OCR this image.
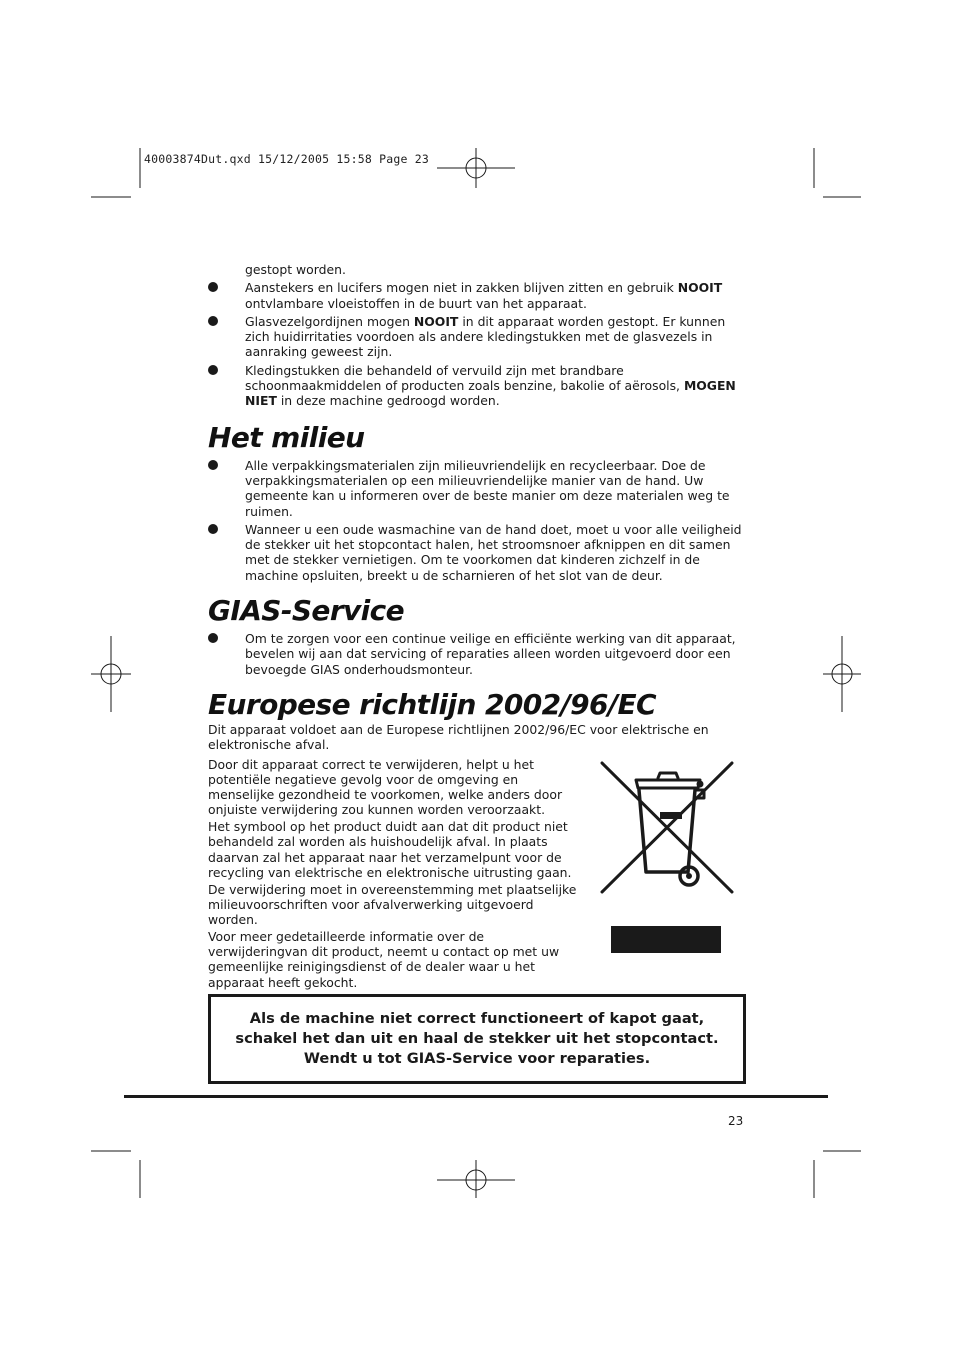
40003874Dut.qxd 15/12/2005 15:58 Page 23

gestopt worden.

Aanstekers en lucifers mogen niet in zakken blijven zitten en gebruik NOOIT ontvlambare vloeistoffen in de buurt van het apparaat.
Glasvezelgordijnen mogen NOOIT in dit apparaat worden gestopt. Er kunnen zich huidirritaties voordoen als andere kledingstukken met de glasvezels in aanraking geweest zijn.
Kledingstukken die behandeld of vervuild zijn met brandbare schoonmaakmiddelen of producten zoals benzine, bakolie of aërosols, MOGEN NIET in deze machine gedroogd worden.
Het milieu
Alle verpakkingsmaterialen zijn milieuvriendelijk en recycleerbaar. Doe de verpakkingsmaterialen op een milieuvriendelijke manier van de hand. Uw gemeente kan u informeren over de beste manier om deze materialen weg te ruimen.
Wanneer u een oude wasmachine van de hand doet, moet u voor alle veiligheid de stekker uit het stopcontact halen, het stroomsnoer afknippen en dit samen met de stekker vernietigen. Om te voorkomen dat kinderen zichzelf in de machine opsluiten, breekt u de scharnieren of het slot van de deur.
GIAS-Service
Om te zorgen voor een continue veilige en efficiënte werking van dit apparaat, bevelen wij aan dat servicing of reparaties alleen worden uitgevoerd door een bevoegde GIAS onderhoudsmonteur.
Europese richtlijn 2002/96/EC

Dit apparaat voldoet aan de Europese richtlijnen 2002/96/EC voor elektrische en elektronische afval.

Door dit apparaat correct te verwijderen, helpt u het potentiële negatieve gevolg voor de omgeving en menselijke gezondheid te voorkomen, welke anders door onjuiste verwijdering zou kunnen worden veroorzaakt.

Het symbool op het product duidt aan dat dit product niet behandeld zal worden als huishoudelijk afval. In plaats daarvan zal het apparaat naar het verzamelpunt voor de recycling van elektrische en elektronische uitrusting gaan.

De verwijdering moet in overeenstemming met plaatselijke milieuvoorschriften voor afvalverwerking uitgevoerd worden.

Voor meer gedetailleerde informatie over de verwijderingvan dit product, neemt u contact op met uw gemeenlijke reinigingsdienst of de dealer waar u het apparaat heeft gekocht.

Als de machine niet correct functioneert of kapot gaat, schakel het dan uit en haal de stekker uit het stopcontact. Wendt u tot GIAS-Service voor reparaties.
23
